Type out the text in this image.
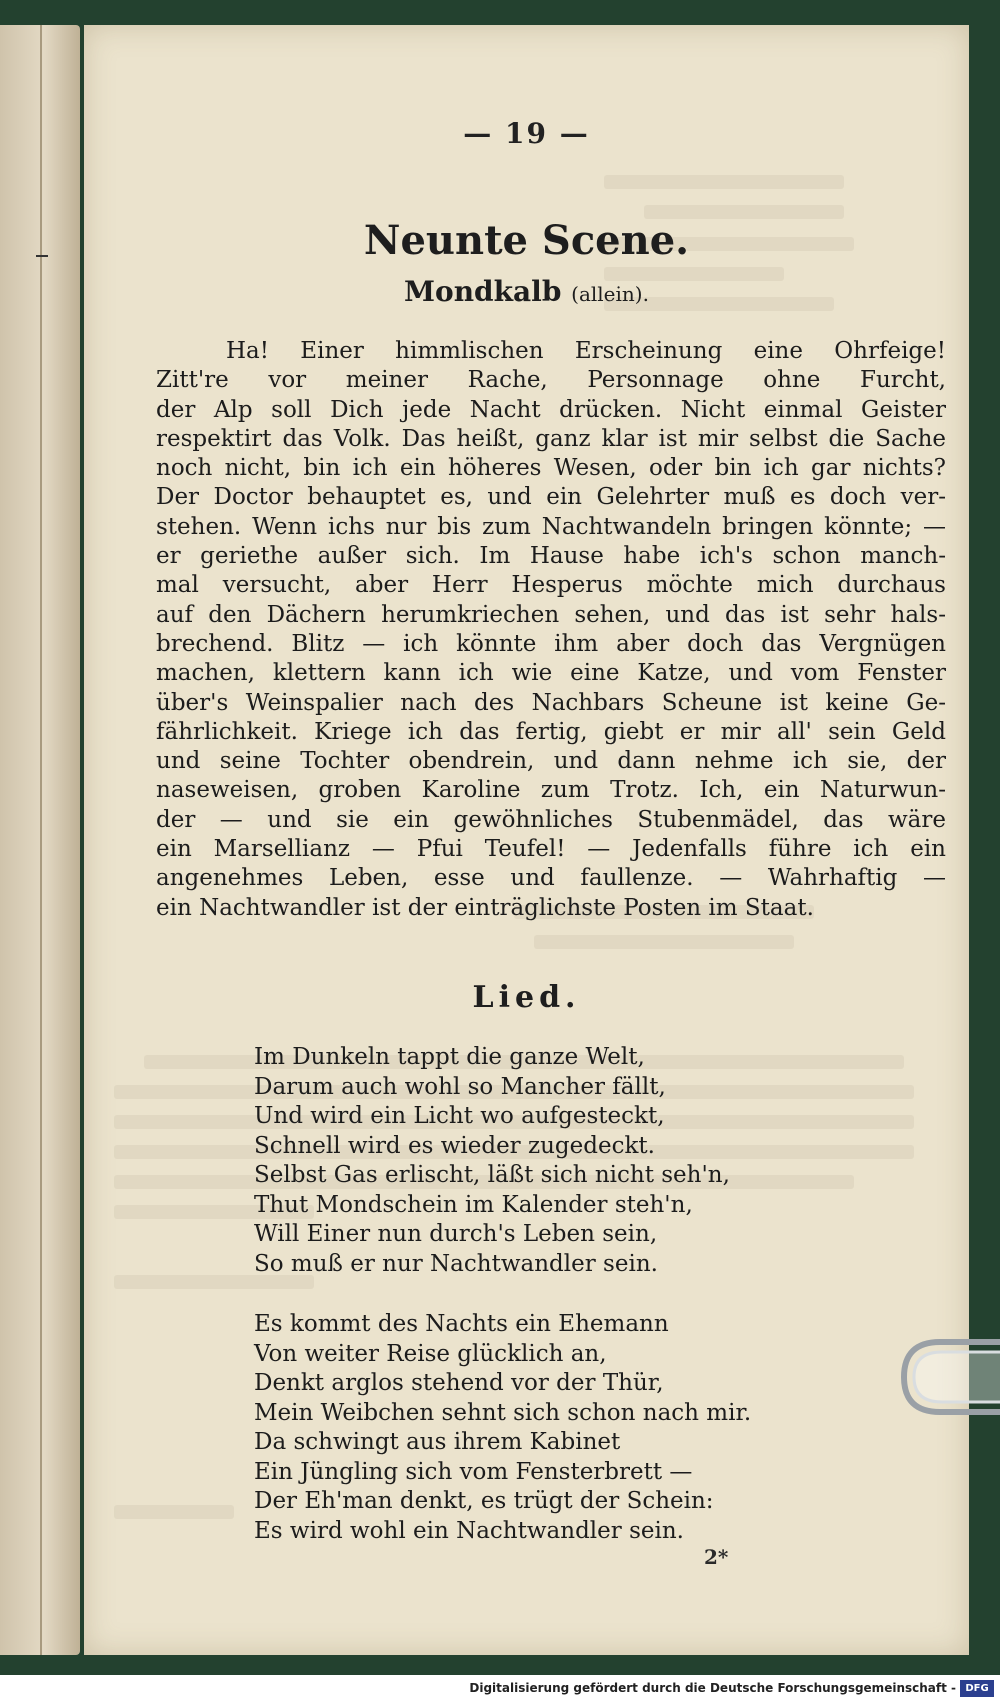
— 19 —
Neunte Scene.
Mondkalb (allein).
Ha! Einer himmlischen Erscheinung eine Ohrfeige!
Zitt're vor meiner Rache, Personnage ohne Furcht,
der Alp soll Dich jede Nacht drücken. Nicht einmal Geister
respektirt das Volk. Das heißt, ganz klar ist mir selbst die Sache
noch nicht, bin ich ein höheres Wesen, oder bin ich gar nichts?
Der Doctor behauptet es, und ein Gelehrter muß es doch ver-
stehen. Wenn ichs nur bis zum Nachtwandeln bringen könnte; —
er geriethe außer sich. Im Hause habe ich's schon manch-
mal versucht, aber Herr Hesperus möchte mich durchaus
auf den Dächern herumkriechen sehen, und das ist sehr hals-
brechend. Blitz — ich könnte ihm aber doch das Vergnügen
machen, klettern kann ich wie eine Katze, und vom Fenster
über's Weinspalier nach des Nachbars Scheune ist keine Ge-
fährlichkeit. Kriege ich das fertig, giebt er mir all' sein Geld
und seine Tochter obendrein, und dann nehme ich sie, der
naseweisen, groben Karoline zum Trotz. Ich, ein Naturwun-
der — und sie ein gewöhnliches Stubenmädel, das wäre
ein Marsellianz — Pfui Teufel! — Jedenfalls führe ich ein
angenehmes Leben, esse und faullenze. — Wahrhaftig —
ein Nachtwandler ist der einträglichste Posten im Staat.
Lied.
Im Dunkeln tappt die ganze Welt,
Darum auch wohl so Mancher fällt,
Und wird ein Licht wo aufgesteckt,
Schnell wird es wieder zugedeckt.
Selbst Gas erlischt, läßt sich nicht seh'n,
Thut Mondschein im Kalender steh'n,
Will Einer nun durch's Leben sein,
So muß er nur Nachtwandler sein.
Es kommt des Nachts ein Ehemann
Von weiter Reise glücklich an,
Denkt arglos stehend vor der Thür,
Mein Weibchen sehnt sich schon nach mir.
Da schwingt aus ihrem Kabinet
Ein Jüngling sich vom Fensterbrett —
Der Eh'man denkt, es trügt der Schein:
Es wird wohl ein Nachtwandler sein.
2*
Digitalisierung gefördert durch die Deutsche Forschungsgemeinschaft - DFG
